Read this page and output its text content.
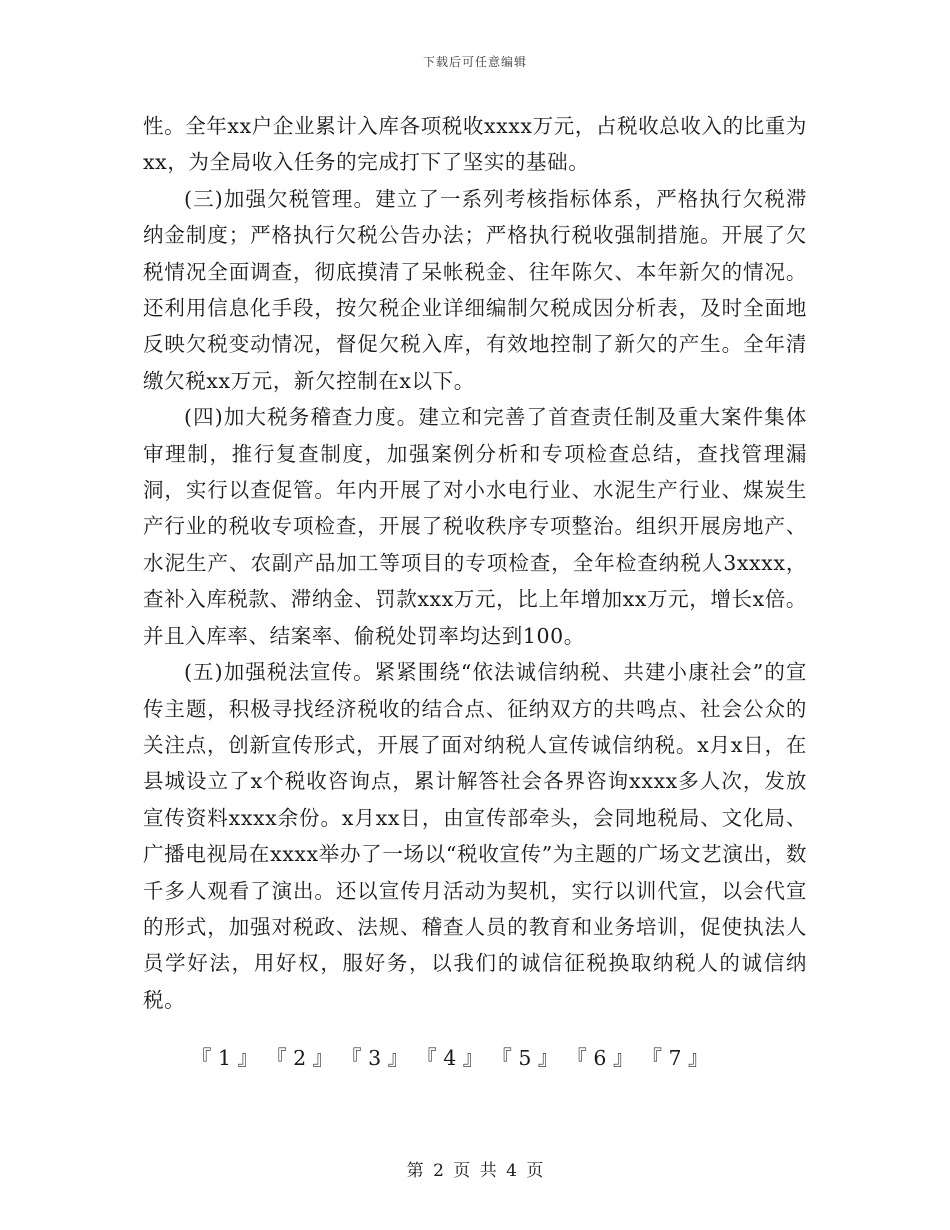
下载后可任意编辑

性。全年xx户企业累计入库各项税收xxxx万元，占税收总收入的比重为xx，为全局收入任务的完成打下了坚实的基础。

(三)加强欠税管理。建立了一系列考核指标体系，严格执行欠税滞纳金制度；严格执行欠税公告办法；严格执行税收强制措施。开展了欠税情况全面调查，彻底摸清了呆帐税金、往年陈欠、本年新欠的情况。还利用信息化手段，按欠税企业详细编制欠税成因分析表，及时全面地反映欠税变动情况，督促欠税入库，有效地控制了新欠的产生。全年清缴欠税xx万元，新欠控制在x以下。

(四)加大税务稽查力度。建立和完善了首查责任制及重大案件集体审理制，推行复查制度，加强案例分析和专项检查总结，查找管理漏洞，实行以查促管。年内开展了对小水电行业、水泥生产行业、煤炭生产行业的税收专项检查，开展了税收秩序专项整治。组织开展房地产、水泥生产、农副产品加工等项目的专项检查，全年检查纳税人3xxxx，查补入库税款、滞纳金、罚款xxx万元，比上年增加xx万元，增长x倍。并且入库率、结案率、偷税处罚率均达到100。

(五)加强税法宣传。紧紧围绕“依法诚信纳税、共建小康社会”的宣传主题，积极寻找经济税收的结合点、征纳双方的共鸣点、社会公众的关注点，创新宣传形式，开展了面对纳税人宣传诚信纳税。x月x日，在县城设立了x个税收咨询点，累计解答社会各界咨询xxxx多人次，发放宣传资料xxxx余份。x月xx日，由宣传部牵头，会同地税局、文化局、广播电视局在xxxx举办了一场以“税收宣传”为主题的广场文艺演出，数千多人观看了演出。还以宣传月活动为契机，实行以训代宣，以会代宣的形式，加强对税政、法规、稽查人员的教育和业务培训，促使执法人员学好法，用好权，服好务，以我们的诚信征税换取纳税人的诚信纳税。

『 1 』 『 2 』 『 3 』 『 4 』 『 5 』 『 6 』 『 7 』
第 2 页 共 4 页
